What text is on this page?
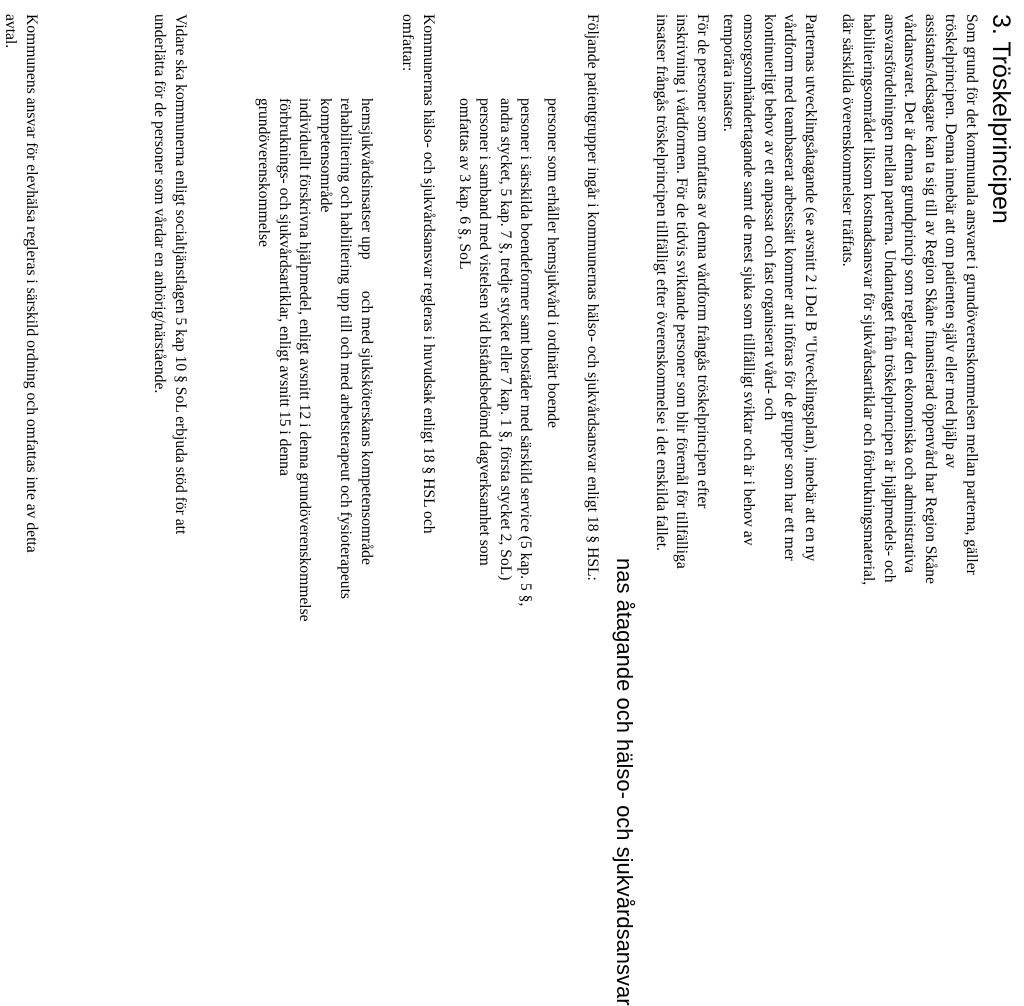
3. Tröskelprincipen
Som grund för det kommunala ansvaret i grundöverenskommelsen mellan parterna, gäller
tröskelprincipen. Denna innebär att om patienten själv eller med hjälp av
assistans/ledsagare kan ta sig till av Region Skåne finansierad öppenvård har Region Skåne
vårdansvaret. Det är denna grundprincip som reglerar den ekonomiska och administrativa
ansvarsfördelningen mellan parterna. Undantaget från tröskelprincipen är hjälpmedels- och
habiliteringsområdet liksom kostnadsansvar för sjukvårdsartiklar och förbrukningsmaterial,
där särskilda överenskommelser träffats.
Parternas utvecklingsåtagande (se avsnitt 2 i Del B "Utvecklingsplan), innebär att en ny
vårdform med teambaserat arbetssätt kommer att införas för de grupper som har ett mer
kontinuerligt behov av ett anpassat och fast organiserat vård- och
omsorgsomhändertagande samt de mest sjuka som tillfälligt sviktar och är i behov av
temporära insatser.
För de personer som omfattas av denna vårdform frångås tröskelprincipen efter
inskrivning i vårdformen. För de tidvis sviktande personer som blir föremål för tillfälliga
insatser frångås tröskelprincipen tillfälligt efter överenskommelse i det enskilda fallet.
nas åtagande och hälso- och sjukvårdsansvar
Följande patientgrupper ingår i kommunernas hälso- och sjukvårdsansvar enligt 18 § HSL:
personer som erhåller hemsjukvård i ordinärt boende
personer i särskilda boendeformer samt bostäder med särskild service (5 kap. 5 §,
andra stycket, 5 kap. 7 §, tredje stycket eller 7 kap. 1 §, första stycket 2, SoL)
personer i samband med vistelsen vid biståndsbedömd dagverksamhet som
omfattas av 3 kap. 6 §, SoL
Kommunernas hälso- och sjukvårdsansvar regleras i huvudsak enligt 18 § HSL och
omfattar:
hemsjukvårdsinsatser upp        och med sjuksköterskans kompetensområde
rehabilitering och habilitering upp till och med arbetsterapeut och fysioterapeuts
kompetensområde
individuellt förskrivna hjälpmedel, enligt avsnitt 12 i denna grundöverenskommelse
förbruknings- och sjukvårdsartiklar, enligt avsnitt 15 i denna
grundöverenskommelse
Vidare ska kommunerna enligt socialtjänstlagen 5 kap 10 § SoL erbjuda stöd för att
underlätta för de personer som vårdar en anhörig/närstående.
Kommunens ansvar för elevhälsa regleras i särskild ordning och omfattas inte av detta
avtal.
